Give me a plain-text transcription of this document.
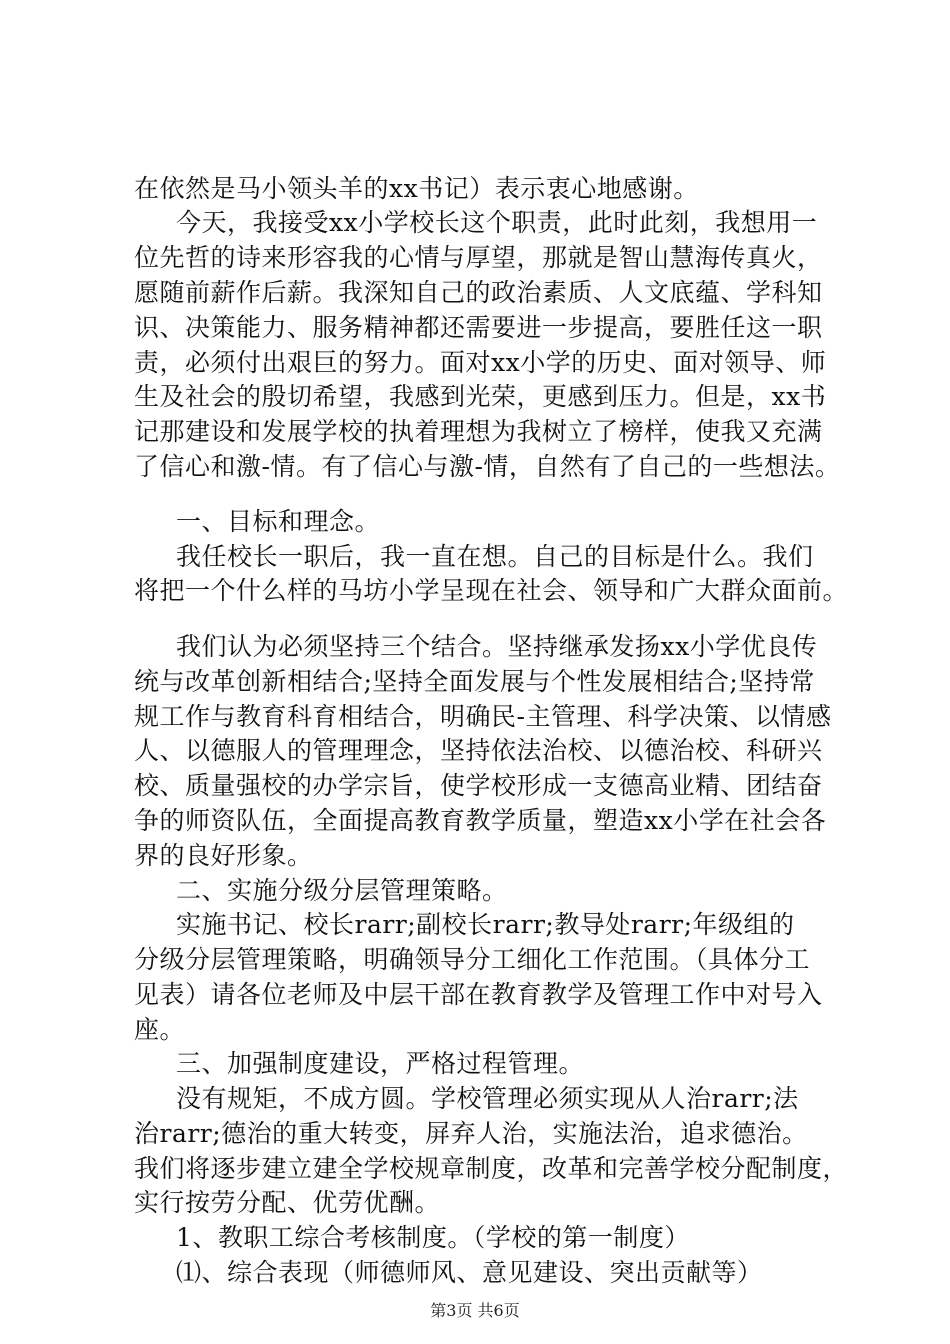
在依然是马小领头羊的xx书记）表示衷心地感谢。
今天，我接受xx小学校长这个职责，此时此刻，我想用一
位先哲的诗来形容我的心情与厚望，那就是智山慧海传真火，
愿随前薪作后薪。我深知自己的政治素质、人文底蕴、学科知
识、决策能力、服务精神都还需要进一步提高，要胜任这一职
责，必须付出艰巨的努力。面对xx小学的历史、面对领导、师
生及社会的殷切希望，我感到光荣，更感到压力。但是，xx书
记那建设和发展学校的执着理想为我树立了榜样，使我又充满
了信心和激-情。有了信心与激-情，自然有了自己的一些想法。
一、目标和理念。
我任校长一职后，我一直在想。自己的目标是什么。我们
将把一个什么样的马坊小学呈现在社会、领导和广大群众面前。
我们认为必须坚持三个结合。坚持继承发扬xx小学优良传
统与改革创新相结合;坚持全面发展与个性发展相结合;坚持常
规工作与教育科育相结合，明确民-主管理、科学决策、以情感
人、以德服人的管理理念，坚持依法治校、以德治校、科研兴
校、质量强校的办学宗旨，使学校形成一支德高业精、团结奋
争的师资队伍，全面提高教育教学质量，塑造xx小学在社会各
界的良好形象。
二、实施分级分层管理策略。
实施书记、校长rarr;副校长rarr;教导处rarr;年级组的
分级分层管理策略，明确领导分工细化工作范围。（具体分工
见表）请各位老师及中层干部在教育教学及管理工作中对号入
座。
三、加强制度建设，严格过程管理。
没有规矩，不成方圆。学校管理必须实现从人治rarr;法
治rarr;德治的重大转变，屏弃人治，实施法治，追求德治。
我们将逐步建立建全学校规章制度，改革和完善学校分配制度，
实行按劳分配、优劳优酬。
1、教职工综合考核制度。（学校的第一制度）
⑴、综合表现（师德师风、意见建设、突出贡献等）
第3页 共6页
